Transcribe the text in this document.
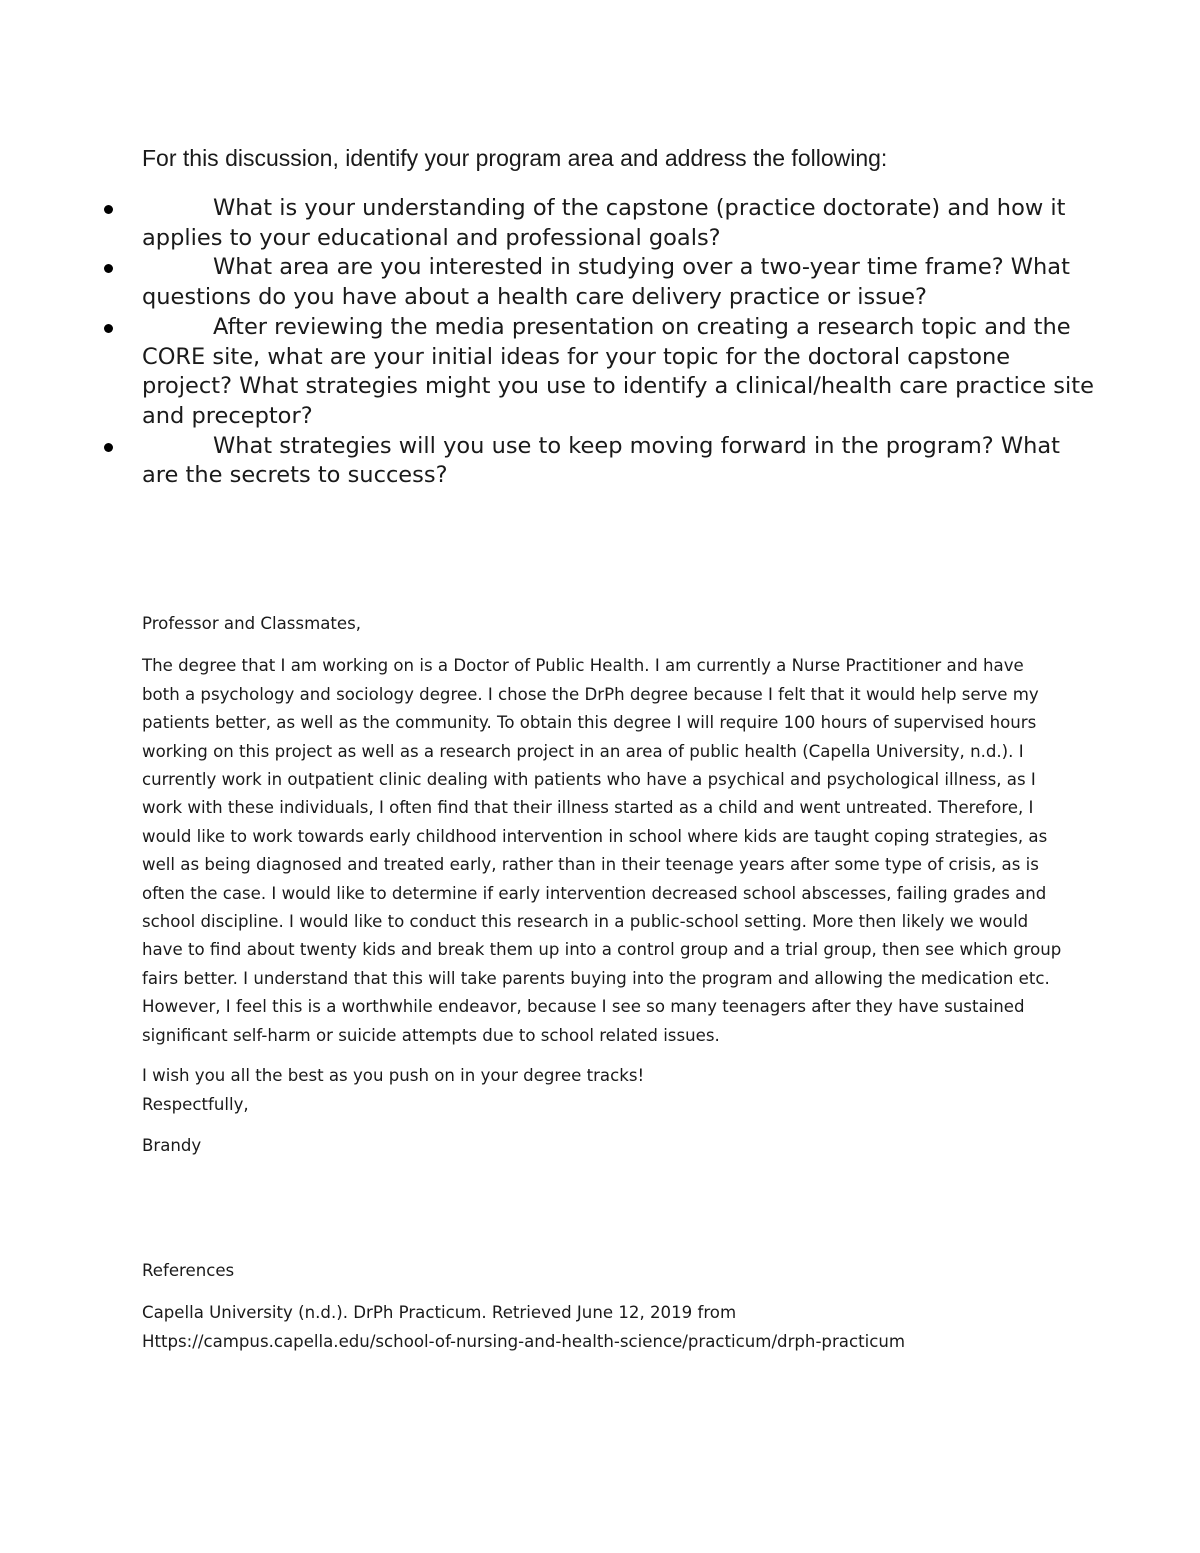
For this discussion, identify your program area and address the following:

What is your understanding of the capstone (practice doctorate) and how it applies to your educational and professional goals?
What area are you interested in studying over a two-year time frame? What questions do you have about a health care delivery practice or issue?
After reviewing the media presentation on creating a research topic and the CORE site, what are your initial ideas for your topic for the doctoral capstone project? What strategies might you use to identify a clinical/health care practice site and preceptor?
What strategies will you use to keep moving forward in the program? What are the secrets to success?

Professor and Classmates,

The degree that I am working on is a Doctor of Public Health. I am currently a Nurse Practitioner and have both a psychology and sociology degree. I chose the DrPh degree because I felt that it would help serve my patients better, as well as the community. To obtain this degree I will require 100 hours of supervised hours working on this project as well as a research project in an area of public health (Capella University, n.d.). I currently work in outpatient clinic dealing with patients who have a psychical and psychological illness, as I work with these individuals, I often find that their illness started as a child and went untreated. Therefore, I would like to work towards early childhood intervention in school where kids are taught coping strategies, as well as being diagnosed and treated early, rather than in their teenage years after some type of crisis, as is often the case. I would like to determine if early intervention decreased school abscesses, failing grades and school discipline. I would like to conduct this research in a public-school setting. More then likely we would have to find about twenty kids and break them up into a control group and a trial group, then see which group fairs better. I understand that this will take parents buying into the program and allowing the medication etc. However, I feel this is a worthwhile endeavor, because I see so many teenagers after they have sustained significant self-harm or suicide attempts due to school related issues.

I wish you all the best as you push on in your degree tracks!

Respectfully,

Brandy

References

Capella University (n.d.). DrPh Practicum. Retrieved June 12, 2019 from

Https://campus.capella.edu/school-of-nursing-and-health-science/practicum/drph-practicum
